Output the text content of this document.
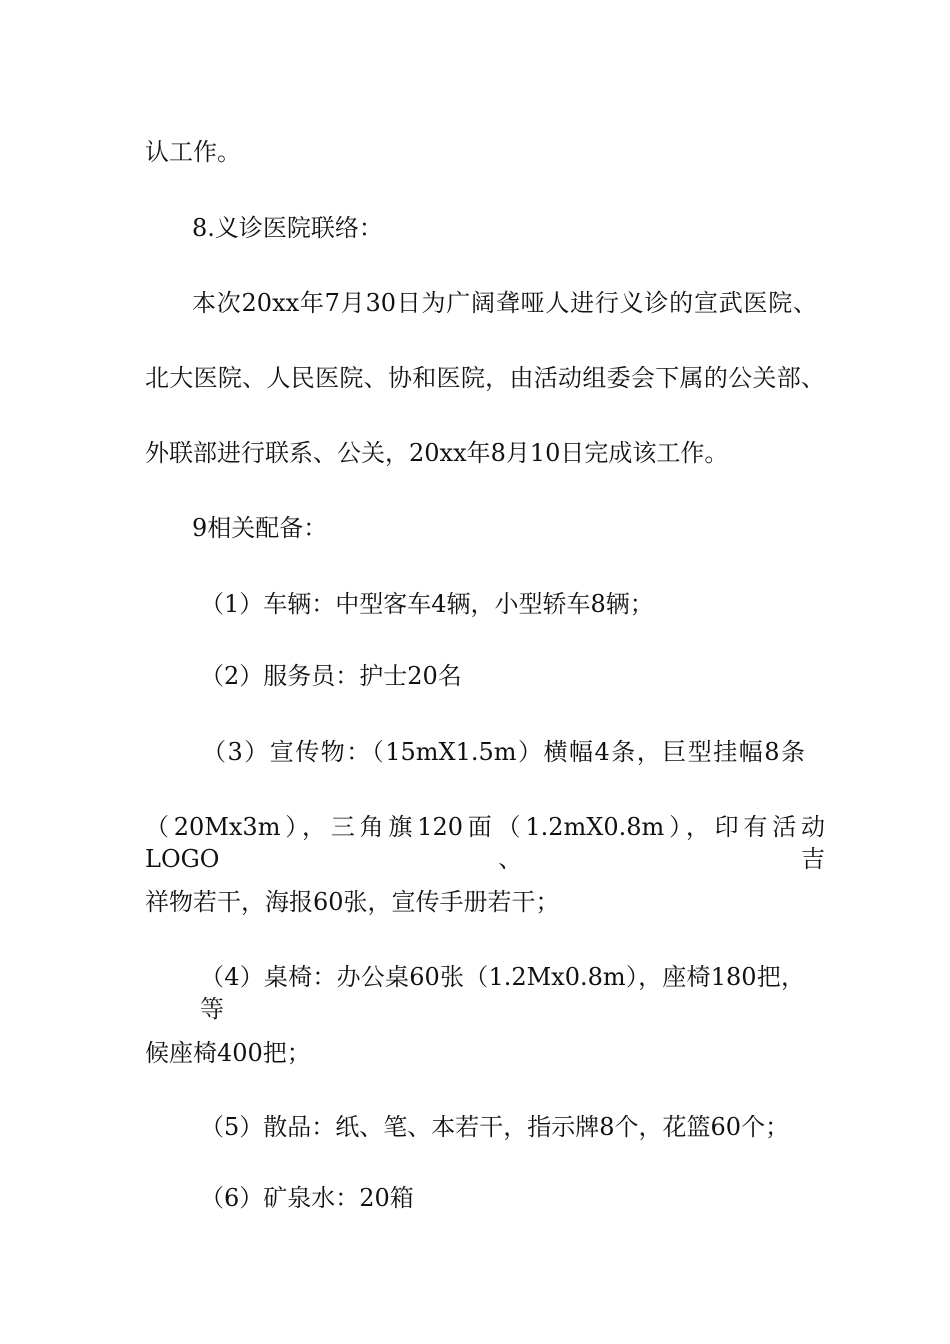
认工作。
8.义诊医院联络：
本次20xx年7月30日为广阔聋哑人进行义诊的宣武医院、
北大医院、人民医院、协和医院，由活动组委会下属的公关部、
外联部进行联系、公关，20xx年8月10日完成该工作。
9相关配备：
（1）车辆：中型客车4辆，小型轿车8辆；
（2）服务员：护士20名
（3）宣传物：（15mX1.5m）横幅4条，巨型挂幅8条
（20Mx3m），三角旗120面（1.2mX0.8m），印有活动LOGO、吉
祥物若干，海报60张，宣传手册若干；
（4）桌椅：办公桌60张（1.2Mx0.8m），座椅180把，等
候座椅400把；
（5）散品：纸、笔、本若干，指示牌8个，花篮60个；
（6）矿泉水：20箱
